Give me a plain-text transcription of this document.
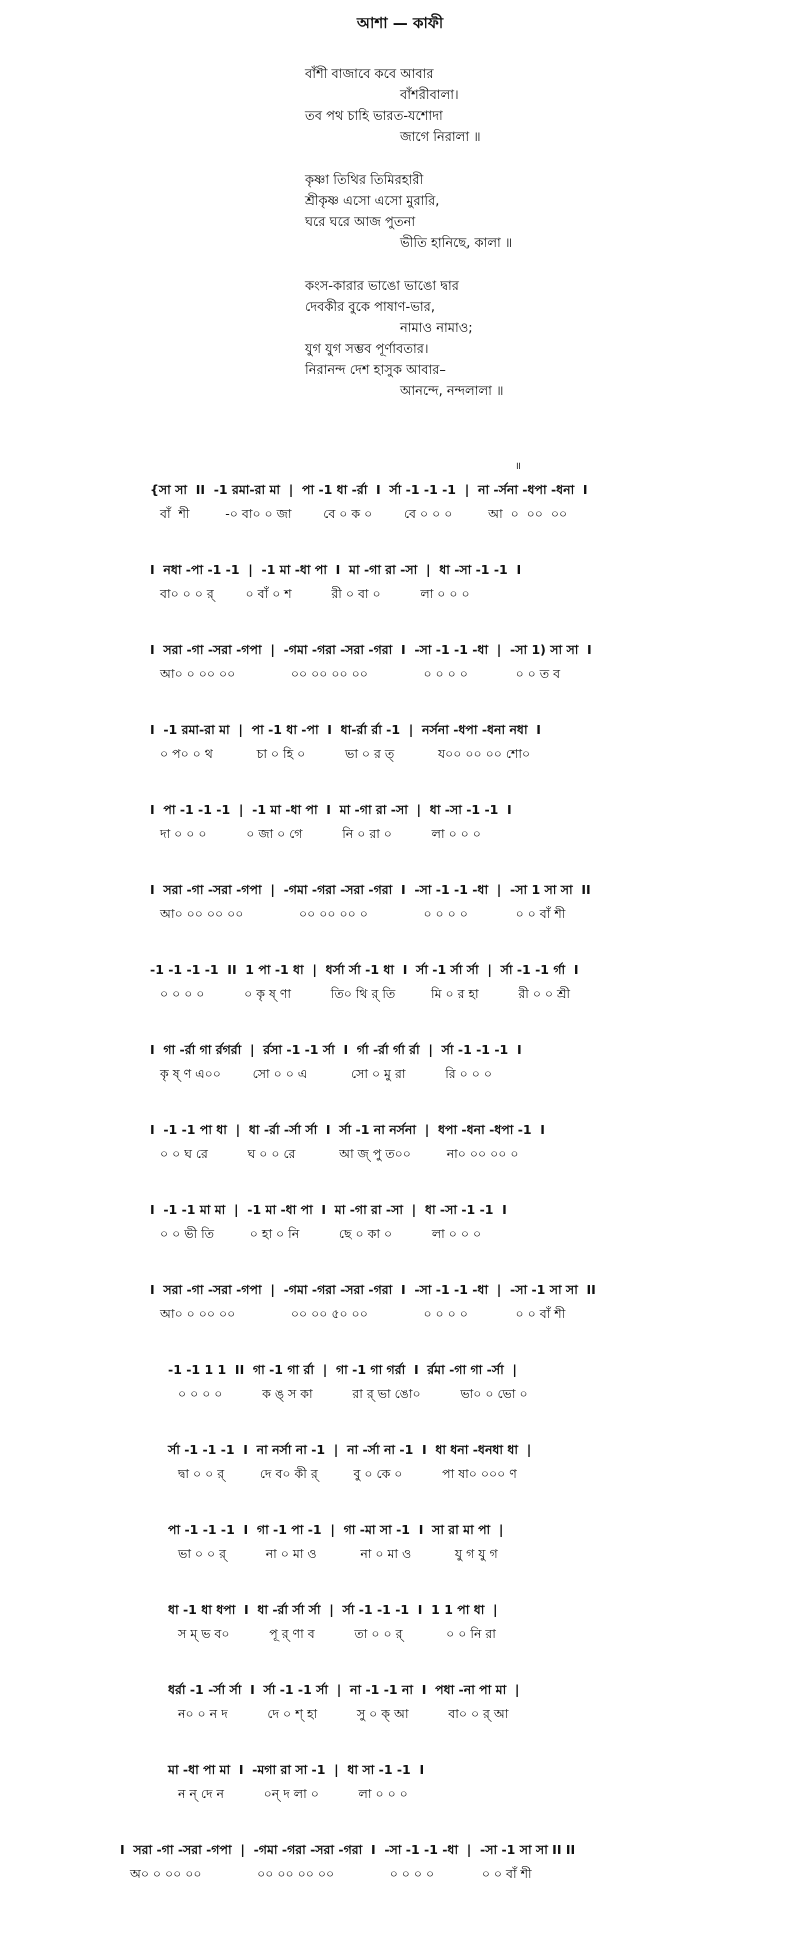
আশা — কাফী
বাঁশী বাজাবে কবে আবার
বাঁশরীবালা।
তব পথ চাহি ভারত-যশোদা
জাগে নিরালা ॥
কৃষ্ণা তিথির তিমিরহারী
শ্রীকৃষ্ণ এসো এসো মুরারি,
ঘরে ঘরে আজ পুতনা
ভীতি হানিছে, কালা ॥
কংস-কারার ভাঙো ভাঙো দ্বার
দেবকীর বুকে পাষাণ-ভার,
নামাও নামাও;
যুগ যুগ সম্ভব পূর্ণাবতার।
নিরানন্দ দেশ হাসুক আবার–
আনন্দে, নন্দলালা ॥
॥
{সা সা  II  -1 রমা-রা মা  |  পা -1 ধা -র্রা  I  র্সা -1 -1 -1  |  না -র্সনা -ধপা -ধনা  I
বাঁ  শী         -০ বা০ ০ জা        বে ০ ক ০        বে ০ ০ ০         আ  ০  ০০  ০০
I  নধা -পা -1 -1  |  -1 মা -ধা পা  I  মা -গা রা -সা  |  ধা -সা -1 -1  I
বা০ ০ ০ র্        ০ বাঁ ০ শ          রী ০ বা ০          লা ০ ০ ০
I  সরা -গা -সরা -গপা  |  -গমা -গরা -সরা -গরা  I  -সা -1 -1 -ধা  |  -সা 1) সা সা  I
আ০ ০ ০০ ০০              ০০ ০০ ০০ ০০              ০ ০ ০ ০            ০ ০ ত ব
I  -1 রমা-রা মা  |  পা -1 ধা -পা  I  ধা-র্রা র্রা -1  |  নর্সনা -ধপা -ধনা নধা  I
০ প০ ০ থ           চা ০ হি ০          ভা ০ র ত্           য০০ ০০ ০০ শো০
I  পা -1 -1 -1  |  -1 মা -ধা পা  I  মা -গা রা -সা  |  ধা -সা -1 -1  I
দা ০ ০ ০          ০ জা ০ গে          নি ০ রা ০          লা ০ ০ ০
I  সরা -গা -সরা -গপা  |  -গমা -গরা -সরা -গরা  I  -সা -1 -1 -ধা  |  -সা 1 সা সা  II
আ০ ০০ ০০ ০০              ০০ ০০ ০০ ০              ০ ০ ০ ০            ০ ০ বাঁ শী
-1 -1 -1 -1  II  1 পা -1 ধা  |  ধর্সা র্সা -1 ধা  I  র্সা -1 র্সা র্সা  |  র্সা -1 -1 র্গা  I
০ ০ ০ ০          ০ কৃ ষ্ ণা          তি০ থি র্ তি         মি ০ র হা          রী ০ ০ শ্রী
I  গা -র্রা গা র্রগর্রা  |  র্রসা -1 -1 র্সা  I  র্গা -র্রা র্গা র্রা  |  র্সা -1 -1 -1  I
কৃ ষ্ ণ এ০০        সো ০ ০ এ           সো ০ মু রা          রি ০ ০ ০
I  -1 -1 পা ধা  |  ধা -র্রা -র্সা র্সা  I  র্সা -1 না নর্সনা  |  ধপা -ধনা -ধপা -1  I
০ ০ ঘ রে          ঘ ০ ০ রে           আ জ্ পু ত০০         না০ ০০ ০০ ০
I  -1 -1 মা মা  |  -1 মা -ধা পা  I  মা -গা রা -সা  |  ধা -সা -1 -1  I
০ ০ ভী তি         ০ হা ০ নি          ছে ০ কা ০          লা ০ ০ ০
I  সরা -গা -সরা -গপা  |  -গমা -গরা -সরা -গরা  I  -সা -1 -1 -ধা  |  -সা -1 সা সা  II
আ০ ০ ০০ ০০              ০০ ০০ ৫০ ০০              ০ ০ ০ ০            ০ ০ বাঁ শী
-1 -1 1 1  II  গা -1 গা র্রা  |  গা -1 গা গর্রা  I  র্রমা -গা গা -র্সা  |
০ ০ ০ ০          ক ঙ্ স কা          রা র্ ভা ঙো০          ভা০ ০ ভো ০
র্সা -1 -1 -1  I  না নর্সা না -1  |  না -র্সা না -1  I  ধা ধনা -ধনধা ধা  |
দ্বা ০ ০ র্         দে ব০ কী র্         বু ০ কে ০          পা ষা০ ০০০ ণ
পা -1 -1 -1  I  গা -1 পা -1  |  গা -মা সা -1  I  সা রা মা পা  |
ভা ০ ০ র্          না ০ মা ও           না ০ মা ও           যু গ যু গ
ধা -1 ধা ধপা  I  ধা -র্রা র্সা র্সা  |  র্সা -1 -1 -1  I  1 1 পা ধা  |
স ম্ ভ ব০          পূ র্ ণা ব          তা ০ ০ র্           ০ ০ নি রা
ধর্রা -1 -র্সা র্সা  I  র্সা -1 -1 র্সা  |  না -1 -1 না  I  পধা -না পা মা  |
ন০ ০ ন দ          দে ০ শ্ হা          সু ০ ক্ আ          বা০ ০ র্ আ
মা -ধা পা মা  I  -মগা রা সা -1  |  ধা সা -1 -1  I
ন ন্ দে ন          ০ন্ দ লা ০          লা ০ ০ ০
I  সরা -গা -সরা -গপা  |  -গমা -গরা -সরা -গরা  I  -সা -1 -1 -ধা  |  -সা -1 সা সা II II
অ০ ০ ০০ ০০              ০০ ০০ ০০ ০০              ০ ০ ০ ০            ০ ০ বাঁ শী
